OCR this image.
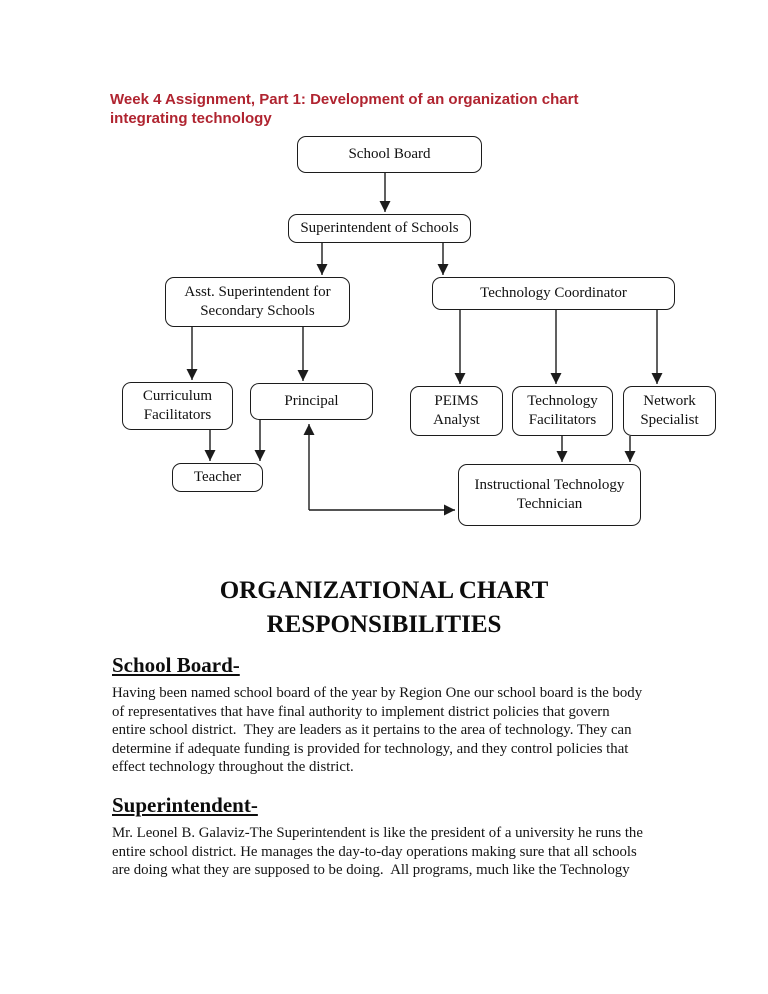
Week 4 Assignment, Part 1: Development of an organization chart
integrating technology
School Board
Superintendent of Schools
Asst. Superintendent for Secondary Schools
Technology Coordinator
Curriculum Facilitators
Principal	PEIMS Analyst
Technology Facilitators
Network Specialist
Teacher	Instructional Technology Technician
ORGANIZATIONAL CHART
RESPONSIBILITIES
School Board-
Having been named school board of the year by Region One our school board is the body
of representatives that have final authority to implement district policies that govern
entire school district.  They are leaders as it pertains to the area of technology. They can
determine if adequate funding is provided for technology, and they control policies that
effect technology throughout the district.
Superintendent-
Mr. Leonel B. Galaviz-The Superintendent is like the president of a university he runs the
entire school district. He manages the day-to-day operations making sure that all schools
are doing what they are supposed to be doing.  All programs, much like the Technology
